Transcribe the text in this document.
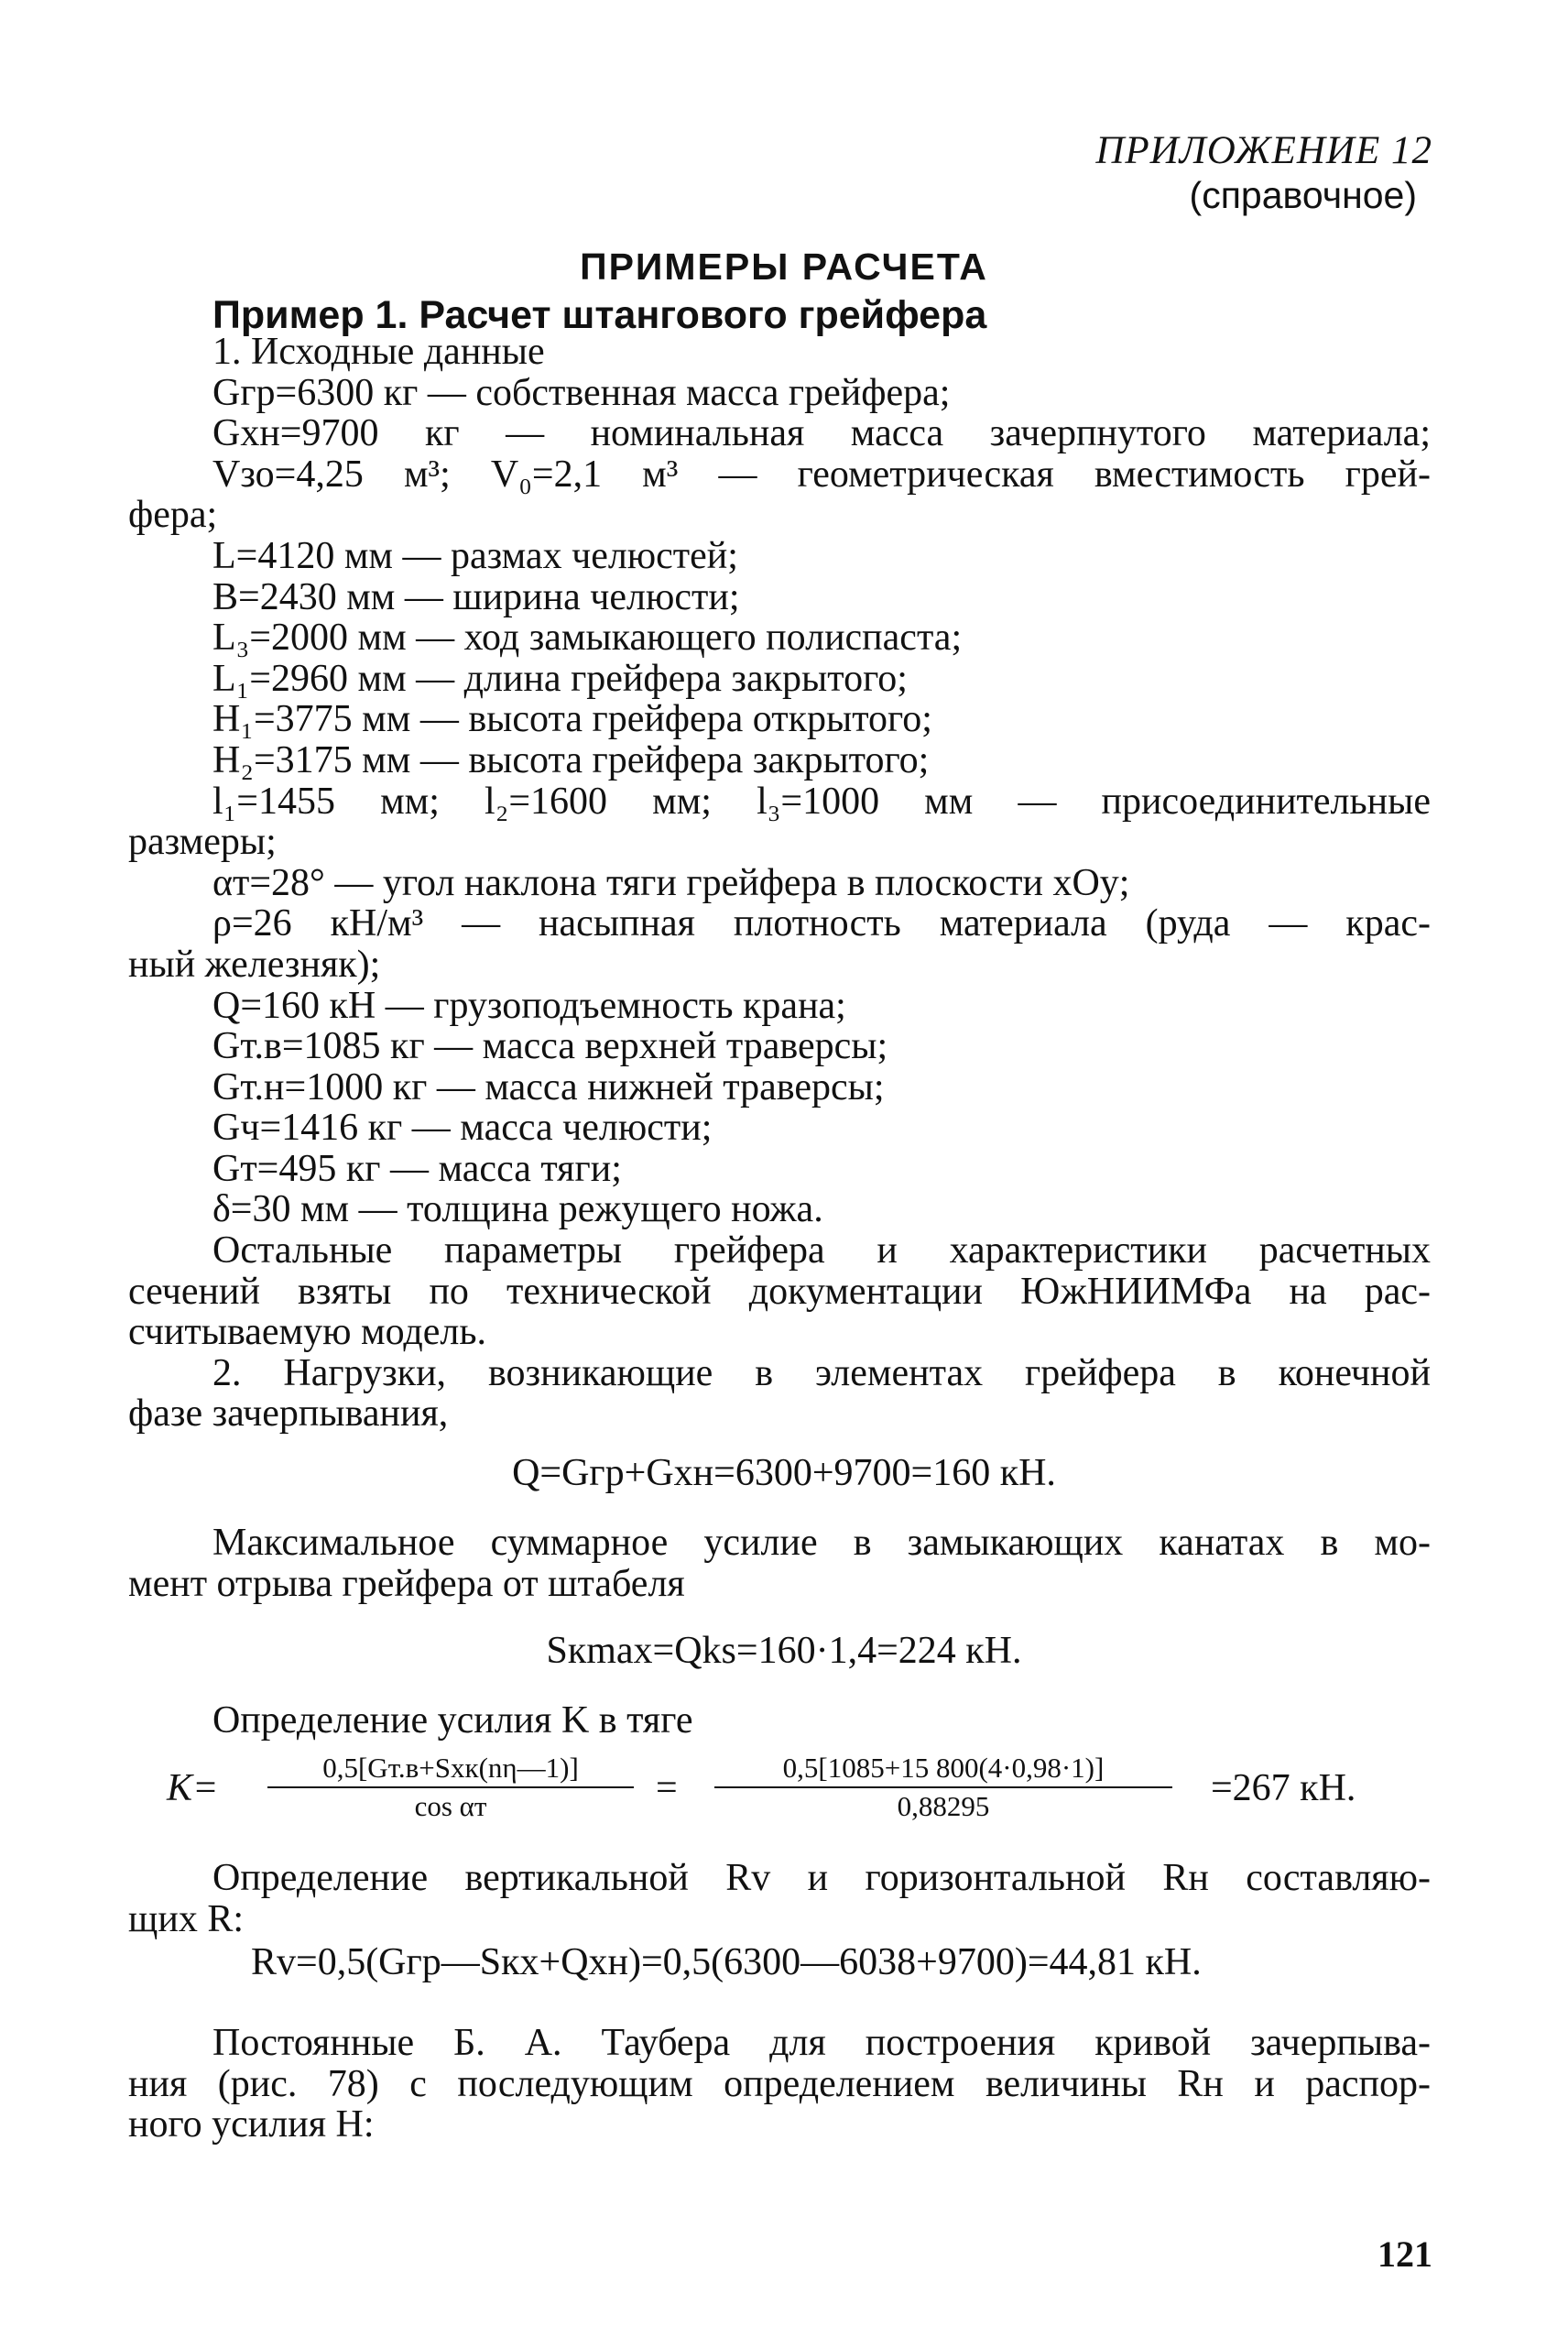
ПРИЛОЖЕНИЕ 12
(справочное)
ПРИМЕРЫ РАСЧЕТА
Пример 1. Расчет штангового грейфера
1. Исходные данные
Gгр=6300 кг — собственная масса грейфера;
Gхн=9700 кг — номинальная масса зачерпнутого материала;
Vзо=4,25 м³; V₀=2,1 м³ — геометрическая вместимость грей-
фера;
L=4120 мм — размах челюстей;
B=2430 мм — ширина челюсти;
L₃=2000 мм — ход замыкающего полиспаста;
L₁=2960 мм — длина грейфера закрытого;
H₁=3775 мм — высота грейфера открытого;
H₂=3175 мм — высота грейфера закрытого;
l₁=1455 мм; l₂=1600 мм; l₃=1000 мм — присоединительные
размеры;
αт=28° — угол наклона тяги грейфера в плоскости xOy;
ρ=26 кН/м³ — насыпная плотность материала (руда — крас-
ный железняк);
Q=160 кН — грузоподъемность крана;
Gт.в=1085 кг — масса верхней траверсы;
Gт.н=1000 кг — масса нижней траверсы;
Gч=1416 кг — масса челюсти;
Gт=495 кг — масса тяги;
δ=30 мм — толщина режущего ножа.
Остальные параметры грейфера и характеристики расчетных
сечений взяты по технической документации ЮжНИИМФа на рас-
считываемую модель.
2. Нагрузки, возникающие в элементах грейфера в конечной
фазе зачерпывания,
Q=Gгр+Gхн=6300+9700=160 кН.
Максимальное суммарное усилие в замыкающих канатах в мо-
мент отрыва грейфера от штабеля
Sкmax=Qks=160·1,4=224 кН.
Определение усилия K в тяге
K=	0,5[Gт.в+Sхк(nη—1)]
cos αт	= $\frac{0,5[1085+15 800(4\cdot 0,98\cdot 1)]}{0,88295} =267$ кН.
Определение вертикальной Rv и горизонтальной Rн составляю-
щих R:
Rv=0,5(Gгр—Sкх+Qхн)=0,5(6300—6038+9700)=44,81 кН.
Постоянные Б. А. Таубера для построения кривой зачерпыва-
ния (рис. 78) с последующим определением величины Rн и распор-
ного усилия H:
121
